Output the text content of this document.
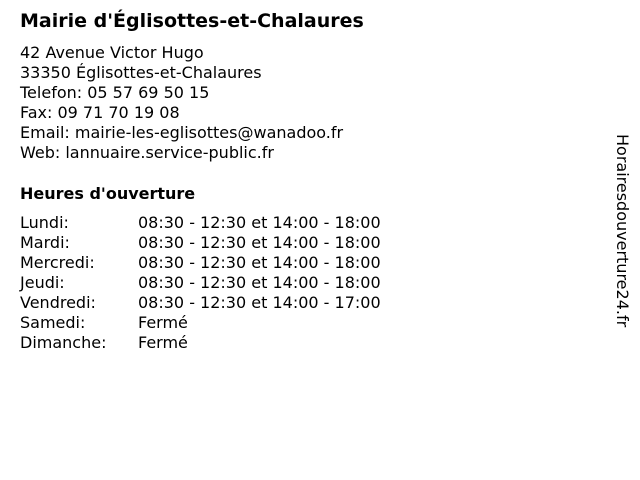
Mairie d'Églisottes-et-Chalaures
42 Avenue Victor Hugo
33350 Églisottes-et-Chalaures
Telefon: 05 57 69 50 15
Fax: 09 71 70 19 08
Email: mairie-les-eglisottes@wanadoo.fr
Web: lannuaire.service-public.fr
Heures d'ouverture
Lundi:	08:30 - 12:30 et 14:00 - 18:00
Mardi:	08:30 - 12:30 et 14:00 - 18:00
Mercredi:	08:30 - 12:30 et 14:00 - 18:00
Jeudi:	08:30 - 12:30 et 14:00 - 18:00
Vendredi:	08:30 - 12:30 et 14:00 - 17:00
Samedi:	Fermé
Dimanche:	Fermé
Horairesdouverture24.fr
